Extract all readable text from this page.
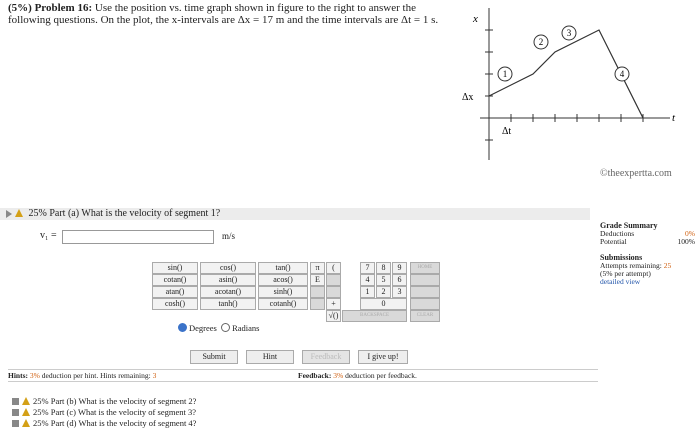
(5%) Problem 16: Use the position vs. time graph shown in figure to the right to answer the following questions. On the plot, the x-intervals are Δx = 17 m and the time intervals are Δt = 1 s.	x
t
Δx
Δt
1
2
3
4
©theexpertta.com
25% Part (a) What is the velocity of segment 1?
v₁ =	m/s
Grade Summary
Deductions	0%
Potential	100%
Submissions
Attempts remaining: 25
(5% per attempt)
detailed view
sin()	cos()	tan()
cotan()	asin()	acos()
atan()	acotan()	sinh()
cosh()	tanh()	cotanh()
π	(
E
+
√()
7	8	9
4	5	6
1	2	3
0
BACKSPACE
HOME
CLEAR
Degrees Radians
Submit	Hint	Feedback	I give up!
Hints: 3% deduction per hint. Hints remaining: 3	Feedback: 3% deduction per feedback.
25% Part (b) What is the velocity of segment 2?
25% Part (c) What is the velocity of segment 3?
25% Part (d) What is the velocity of segment 4?
